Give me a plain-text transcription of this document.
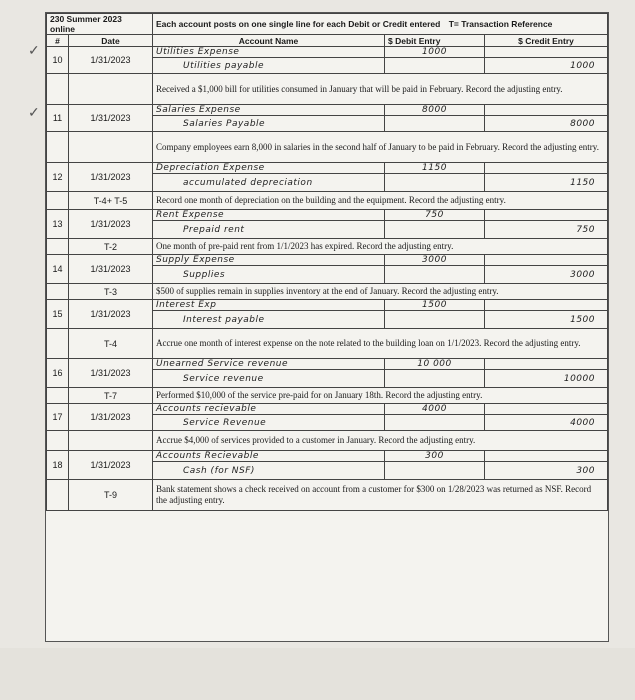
✓
✓
230 Summer 2023 online		Each account posts on one single line for each Debit or Credit entered T= Transaction Reference		
#	Date	Account Name	$ Debit Entry	$ Credit Entry
10	1/31/2023	Utilities Expense	1000	
		Utilities payable		1000
		Received a $1,000 bill for utilities consumed in January that will be paid in February. Record the adjusting entry.		
11	1/31/2023	Salaries Expense	8000	
		Salaries Payable		8000
		Company employees earn 8,000 in salaries in the second half of January to be paid in February. Record the adjusting entry.		
12	1/31/2023	Depreciation Expense	1150	
		accumulated depreciation		1150
	T-4+ T-5	Record one month of depreciation on the building and the equipment. Record the adjusting entry.		
13	1/31/2023	Rent Expense	750	
		Prepaid rent		750
	T-2	One month of pre-paid rent from 1/1/2023 has expired. Record the adjusting entry.		
14	1/31/2023	Supply Expense	3000	
		Supplies		3000
	T-3	$500 of supplies remain in supplies inventory at the end of January. Record the adjusting entry.		
15	1/31/2023	Interest Exp	1500	
		Interest payable		1500
	T-4	Accrue one month of interest expense on the note related to the building loan on 1/1/2023. Record the adjusting entry.		
16	1/31/2023	Unearned Service revenue	10 000	
		Service revenue		10000
	T-7	Performed $10,000 of the service pre-paid for on January 18th. Record the adjusting entry.		
17	1/31/2023	Accounts recievable	4000	
		Service Revenue		4000
		Accrue $4,000 of services provided to a customer in January. Record the adjusting entry.		
18	1/31/2023	Accounts Recievable	300	
		Cash (for NSF)		300
	T-9	Bank statement shows a check received on account from a customer for $300 on 1/28/2023 was returned as NSF. Record the adjusting entry.		
